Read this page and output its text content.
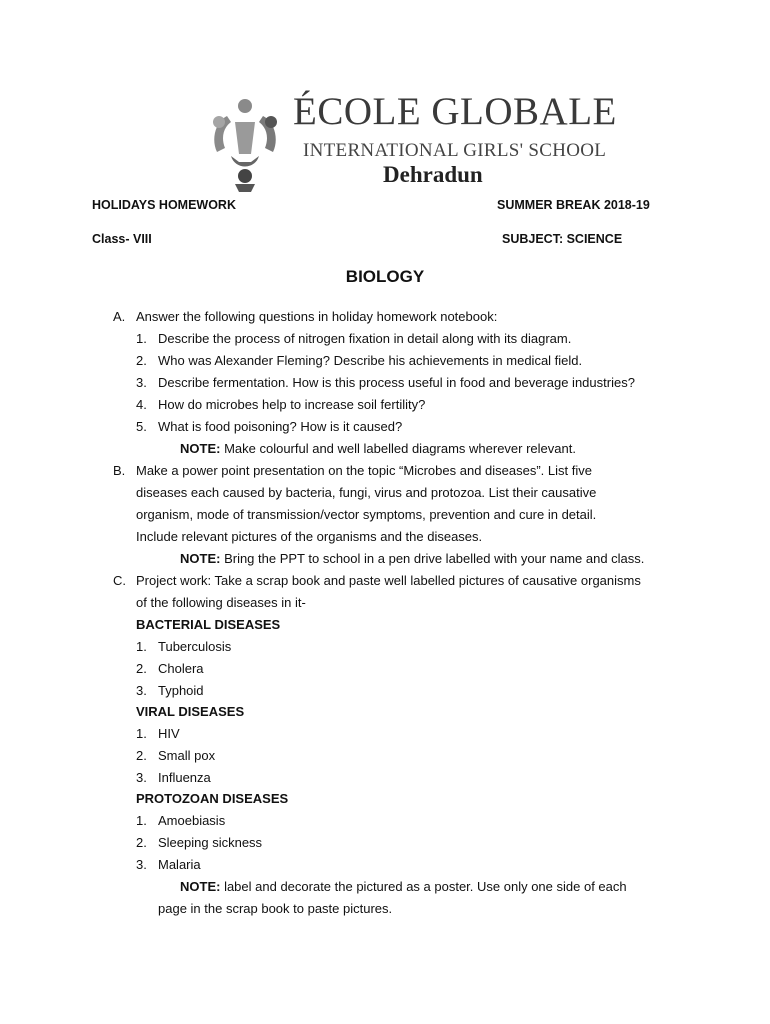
ÉCOLE GLOBALE
INTERNATIONAL GIRLS' SCHOOL
Dehradun
HOLIDAYS HOMEWORK	SUMMER BREAK 2018-19
Class- VIII	SUBJECT: SCIENCE
BIOLOGY
A. Answer the following questions in holiday homework notebook:
1. Describe the process of nitrogen fixation in detail along with its diagram.
2. Who was Alexander Fleming? Describe his achievements in medical field.
3. Describe fermentation. How is this process useful in food and beverage industries?
4. How do microbes help to increase soil fertility?
5. What is food poisoning? How is it caused?
NOTE: Make colourful and well labelled diagrams wherever relevant.
B. Make a power point presentation on the topic “Microbes and diseases”. List five
diseases each caused by bacteria, fungi, virus and protozoa. List their causative
organism, mode of transmission/vector symptoms, prevention and cure in detail.
Include relevant pictures of the organisms and the diseases.
NOTE: Bring the PPT to school in a pen drive labelled with your name and class.
C. Project work: Take a scrap book and paste well labelled pictures of causative organisms
of the following diseases in it-
BACTERIAL DISEASES
1. Tuberculosis
2. Cholera
3. Typhoid
VIRAL DISEASES
1. HIV
2. Small pox
3. Influenza
PROTOZOAN DISEASES
1. Amoebiasis
2. Sleeping sickness
3. Malaria
NOTE: label and decorate the pictured as a poster. Use only one side of each
page in the scrap book to paste pictures.
